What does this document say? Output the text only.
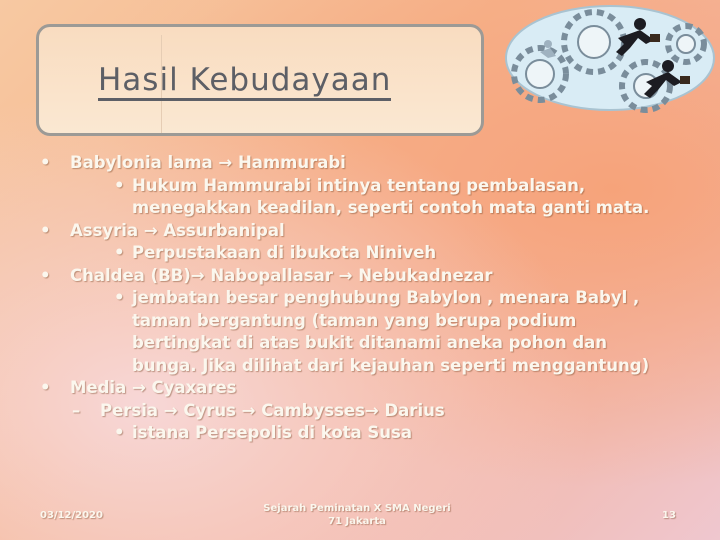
Hasil Kebudayaan
• Babylonia lama → Hammurabi
• Hukum Hammurabi intinya tentang pembalasan, menegakkan keadilan, seperti contoh mata ganti mata.
• Assyria → Assurbanipal
• Perpustakaan di ibukota Niniveh
• Chaldea (BB)→ Nabopallasar → Nebukadnezar
• jembatan besar penghubung Babylon , menara Babyl , taman bergantung (taman yang berupa podium bertingkat di atas bukit ditanami aneka pohon dan bunga. Jika dilihat dari kejauhan seperti menggantung)
• Media → Cyaxares
– Persia → Cyrus → Cambysses→ Darius
• istana Persepolis di kota Susa
03/12/2020
Sejarah Peminatan X SMA Negeri 71 Jakarta
13
